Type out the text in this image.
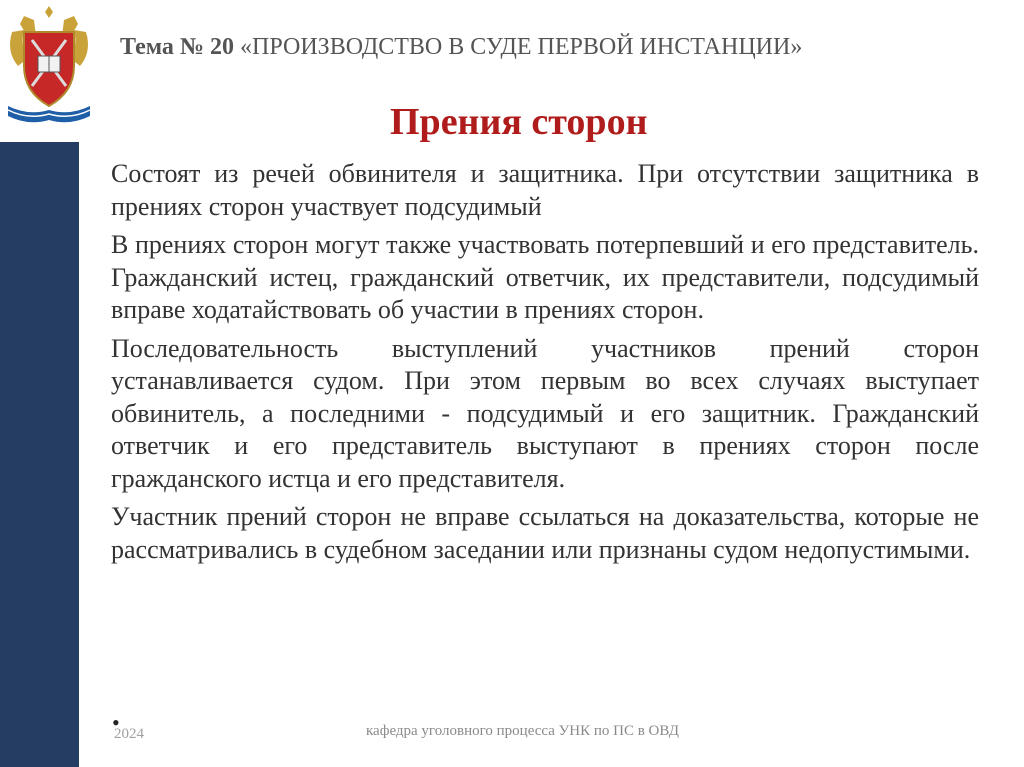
Тема № 20 «ПРОИЗВОДСТВО В СУДЕ ПЕРВОЙ ИНСТАНЦИИ»
Прения сторон

Состоят из речей обвинителя и защитника. При отсутствии защитника в прениях сторон участвует подсудимый

В прениях сторон могут также участвовать потерпевший и его представитель. Гражданский истец, гражданский ответчик, их представители, подсудимый вправе ходатайствовать об участии в прениях сторон.

Последовательность выступлений участников прений сторон устанавливается судом. При этом первым во всех случаях выступает обвинитель, а последними - подсудимый и его защитник. Гражданский ответчик и его представитель выступают в прениях сторон после гражданского истца и его представителя.

Участник прений сторон не вправе ссылаться на доказательства, которые не рассматривались в судебном заседании или признаны судом недопустимыми.

•
2024	кафедра уголовного процесса УНК по ПС в ОВД
